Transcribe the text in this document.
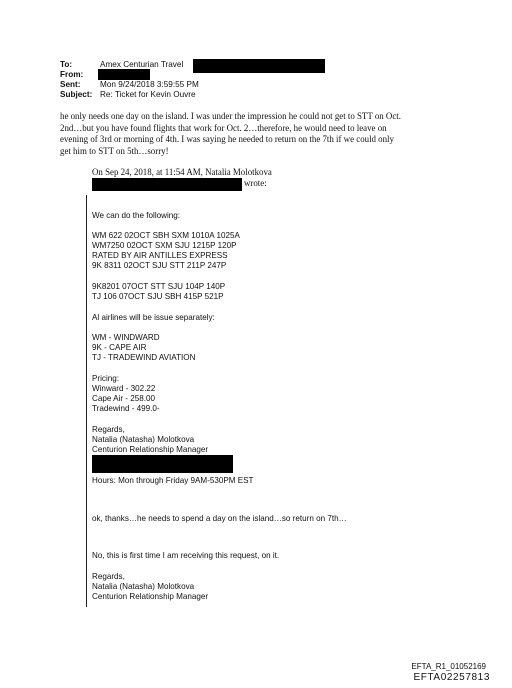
To:	Amex Centurian Travel
From:
Sent: Mon 9/24/2018 3:59:55 PM
Subject: Re: Ticket for Kevin Ouvre
he only needs one day on the island. I was under the impression he could not get to STT on Oct.
2nd…but you have found flights that work for Oct. 2…therefore, he would need to leave on
evening of 3rd or morning of 4th. I was saying he needed to return on the 7th if we could only
get him to STT on 5th…sorry!
On Sep 24, 2018, at 11:54 AM, Natalia Molotkova
wrote:
We can do the following:
WM 622 02OCT SBH SXM 1010A 1025A
WM7250 02OCT SXM SJU 1215P 120P
RATED BY AIR ANTILLES EXPRESS
9K 8311 02OCT SJU STT 211P 247P
9K8201 07OCT STT SJU 104P 140P
TJ 106 07OCT SJU SBH 415P 521P
Al airlines will be issue separately:
WM - WINDWARD
9K - CAPE AIR
TJ - TRADEWIND AVIATION
Pricing:
Winward - 302.22
Cape Air - 258.00
Tradewind - 499.0-
Regards,
Natalia (Natasha) Molotkova
Centurion Relationship Manager
Hours: Mon through Friday 9AM-530PM EST
ok, thanks…he needs to spend a day on the island…so return on 7th…
No, this is first time I am receiving this request, on it.
Regards,
Natalia (Natasha) Molotkova
Centurion Relationship Manager
EFTA_R1_01052169
EFTA02257813
